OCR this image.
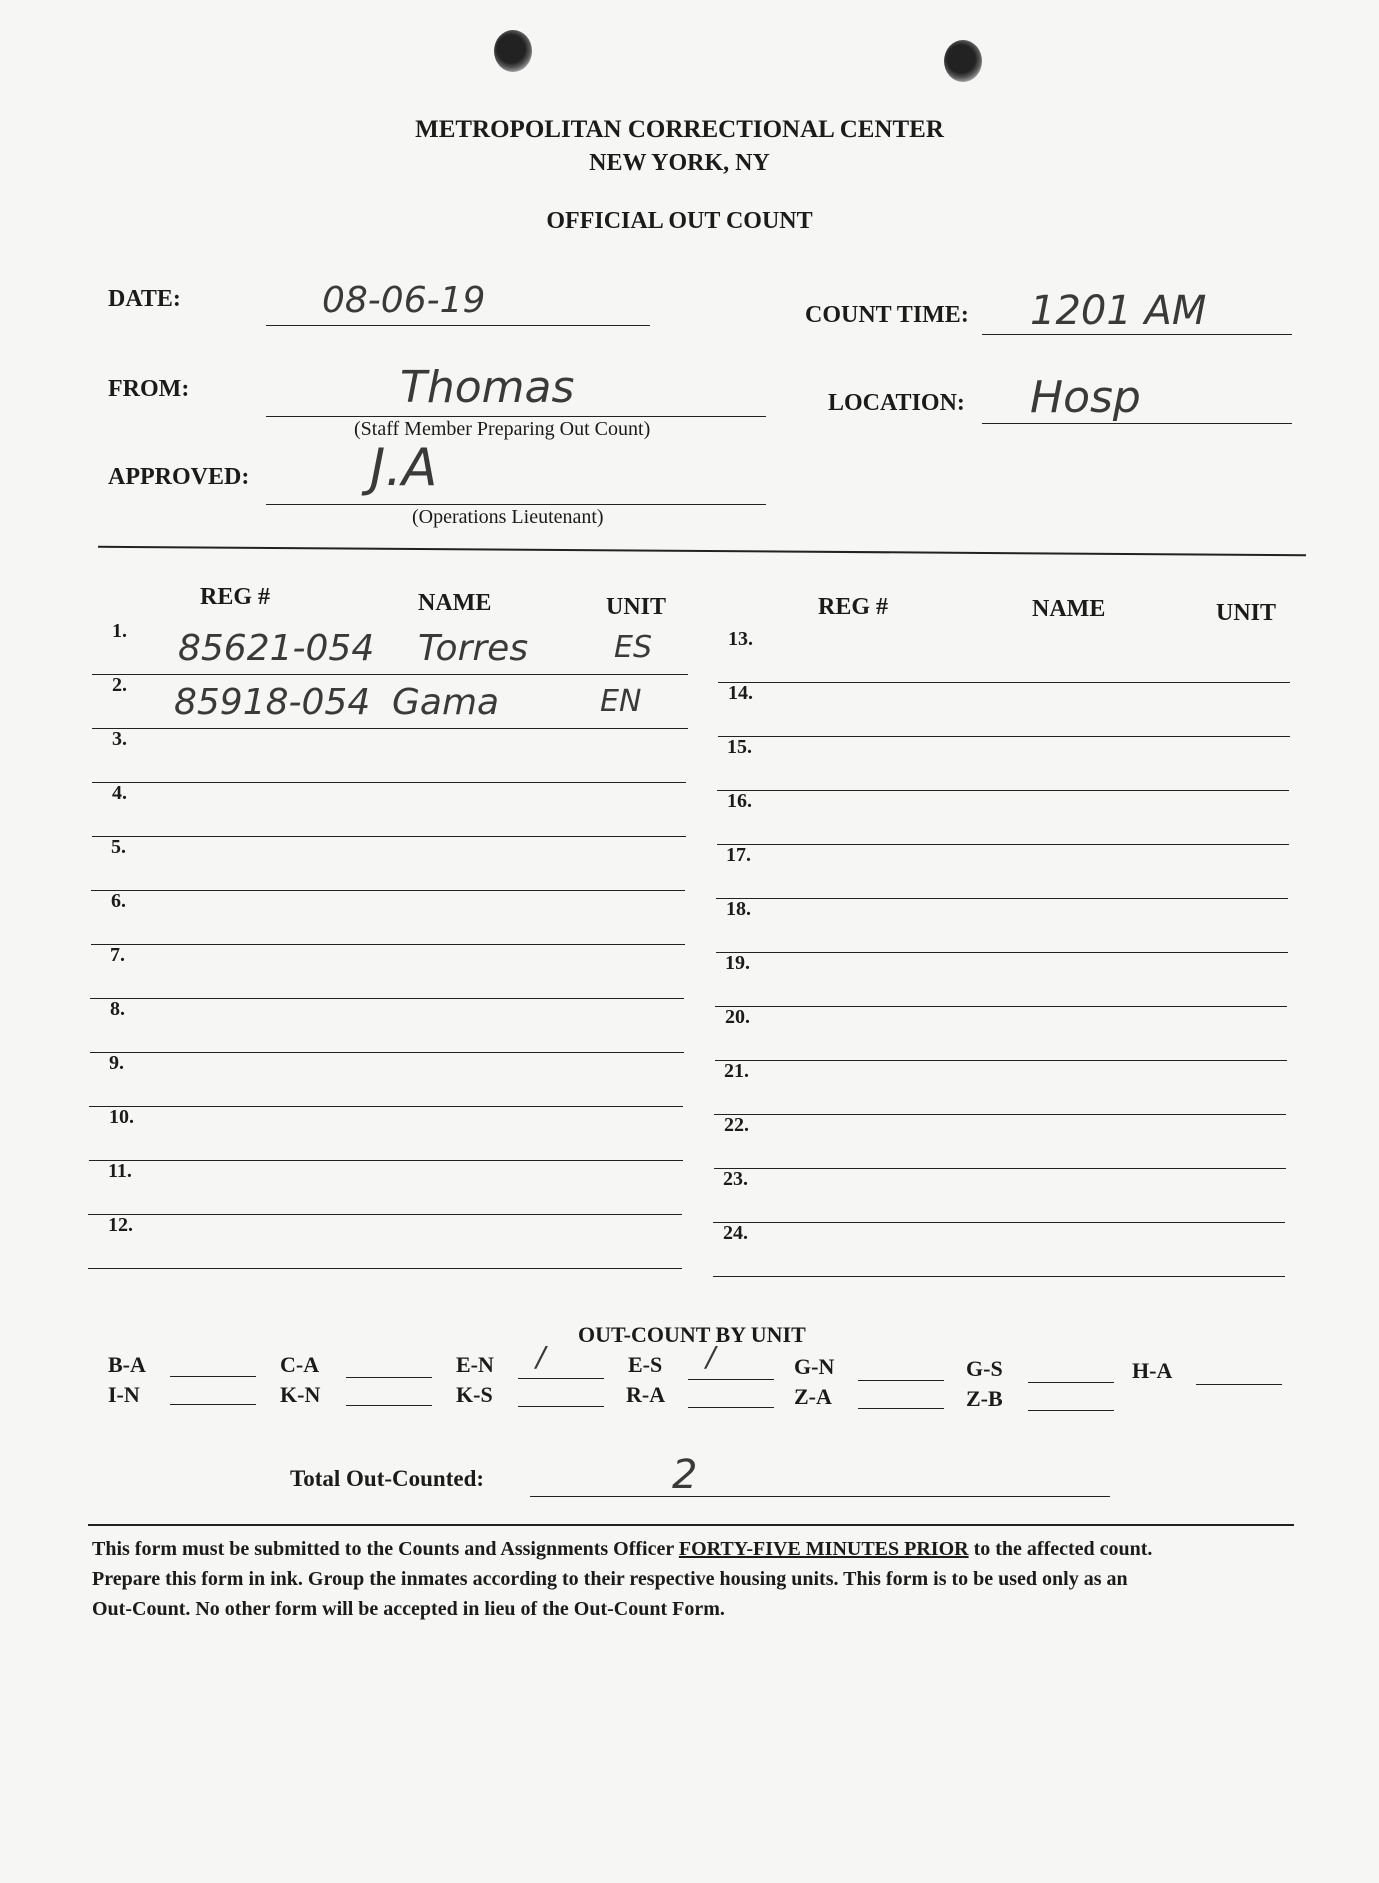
METROPOLITAN CORRECTIONAL CENTER
NEW YORK, NY
OFFICIAL OUT COUNT
DATE:	08-06-19	COUNT TIME: 1201 AM
FROM:	Thomas
(Staff Member Preparing Out Count)
LOCATION: Hosp
APPROVED: J.A
(Operations Lieutenant)
REG #	NAME	UNIT	REG #	NAME	UNIT
1. 85621-054 Torres	ES
2. 85918-054 Gama	EN
3.
4.
5.
6.
7.
8.
9.
10.
11.
12.
13.
14.
15.
16.
17.
18.
19.
20.
21.
22.
23.
24.
OUT-COUNT BY UNIT
B-A	C-A	E-N /	E-S /	G-N	G-S	H-A
I-N	K-N	K-S	R-A	Z-A	Z-B
Total Out-Counted:	2
This form must be submitted to the Counts and Assignments Officer FORTY-FIVE MINUTES PRIOR to the affected count.
Prepare this form in ink. Group the inmates according to their respective housing units. This form is to be used only as an
Out-Count. No other form will be accepted in lieu of the Out-Count Form.
